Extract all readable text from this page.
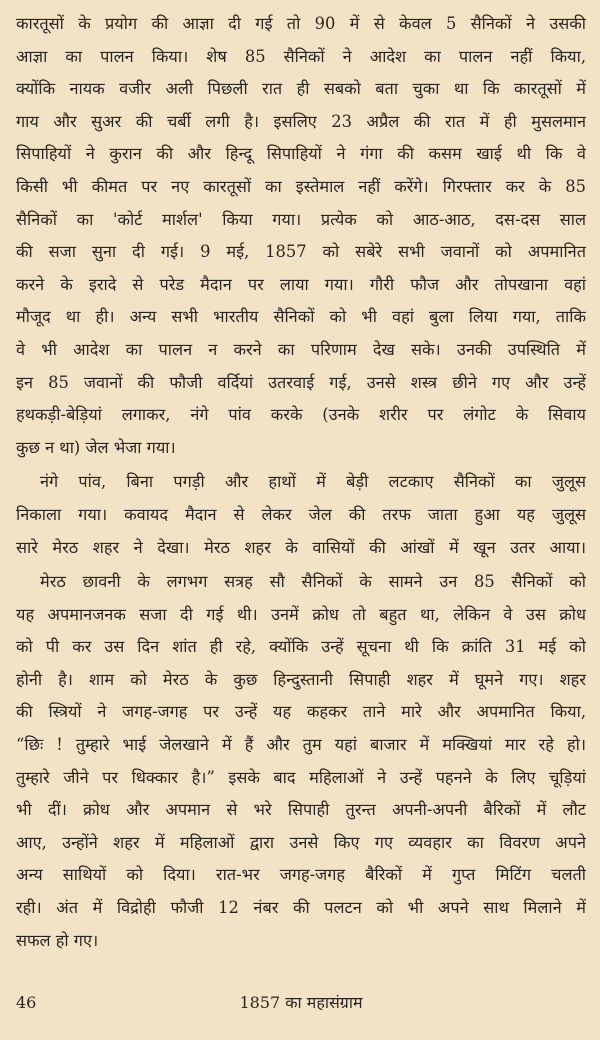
कारतूसों के प्रयोग की आज्ञा दी गई तो 90 में से केवल 5 सैनिकों ने उसकी
आज्ञा का पालन किया। शेष 85 सैनिकों ने आदेश का पालन नहीं किया,
क्योंकि नायक वजीर अली पिछली रात ही सबको बता चुका था कि कारतूसों में
गाय और सुअर की चर्बी लगी है। इसलिए 23 अप्रैल की रात में ही मुसलमान
सिपाहियों ने कुरान की और हिन्दू सिपाहियों ने गंगा की कसम खाई थी कि वे
किसी भी कीमत पर नए कारतूसों का इस्तेमाल नहीं करेंगे। गिरफ्तार कर के 85
सैनिकों का 'कोर्ट मार्शल' किया गया। प्रत्येक को आठ-आठ, दस-दस साल
की सजा सुना दी गई। 9 मई, 1857 को सबेरे सभी जवानों को अपमानित
करने के इरादे से परेड मैदान पर लाया गया। गौरी फौज और तोपखाना वहां
मौजूद था ही। अन्य सभी भारतीय सैनिकों को भी वहां बुला लिया गया, ताकि
वे भी आदेश का पालन न करने का परिणाम देख सके। उनकी उपस्थिति में
इन 85 जवानों की फौजी वर्दियां उतरवाई गई, उनसे शस्त्र छीने गए और उन्हें
हथकड़ी-बेड़ियां लगाकर, नंगे पांव करके (उनके शरीर पर लंगोट के सिवाय
कुछ न था) जेल भेजा गया।
नंगे पांव, बिना पगड़ी और हाथों में बेड़ी लटकाए सैनिकों का जुलूस
निकाला गया। कवायद मैदान से लेकर जेल की तरफ जाता हुआ यह जुलूस
सारे मेरठ शहर ने देखा। मेरठ शहर के वासियों की आंखों में खून उतर आया।
मेरठ छावनी के लगभग सत्रह सौ सैनिकों के सामने उन 85 सैनिकों को
यह अपमानजनक सजा दी गई थी। उनमें क्रोध तो बहुत था, लेकिन वे उस क्रोध
को पी कर उस दिन शांत ही रहे, क्योंकि उन्हें सूचना थी कि क्रांति 31 मई को
होनी है। शाम को मेरठ के कुछ हिन्दुस्तानी सिपाही शहर में घूमने गए। शहर
की स्त्रियों ने जगह-जगह पर उन्हें यह कहकर ताने मारे और अपमानित किया,
“छिः ! तुम्हारे भाई जेलखाने में हैं और तुम यहां बाजार में मक्खियां मार रहे हो।
तुम्हारे जीने पर धिक्कार है।” इसके बाद महिलाओं ने उन्हें पहनने के लिए चूड़ियां
भी दीं। क्रोध और अपमान से भरे सिपाही तुरन्त अपनी-अपनी बैरिकों में लौट
आए, उन्होंने शहर में महिलाओं द्वारा उनसे किए गए व्यवहार का विवरण अपने
अन्य साथियों को दिया। रात-भर जगह-जगह बैरिकों में गुप्त मिटिंग चलती
रही। अंत में विद्रोही फौजी 12 नंबर की पलटन को भी अपने साथ मिलाने में
सफल हो गए।
46	1857 का महासंग्राम
